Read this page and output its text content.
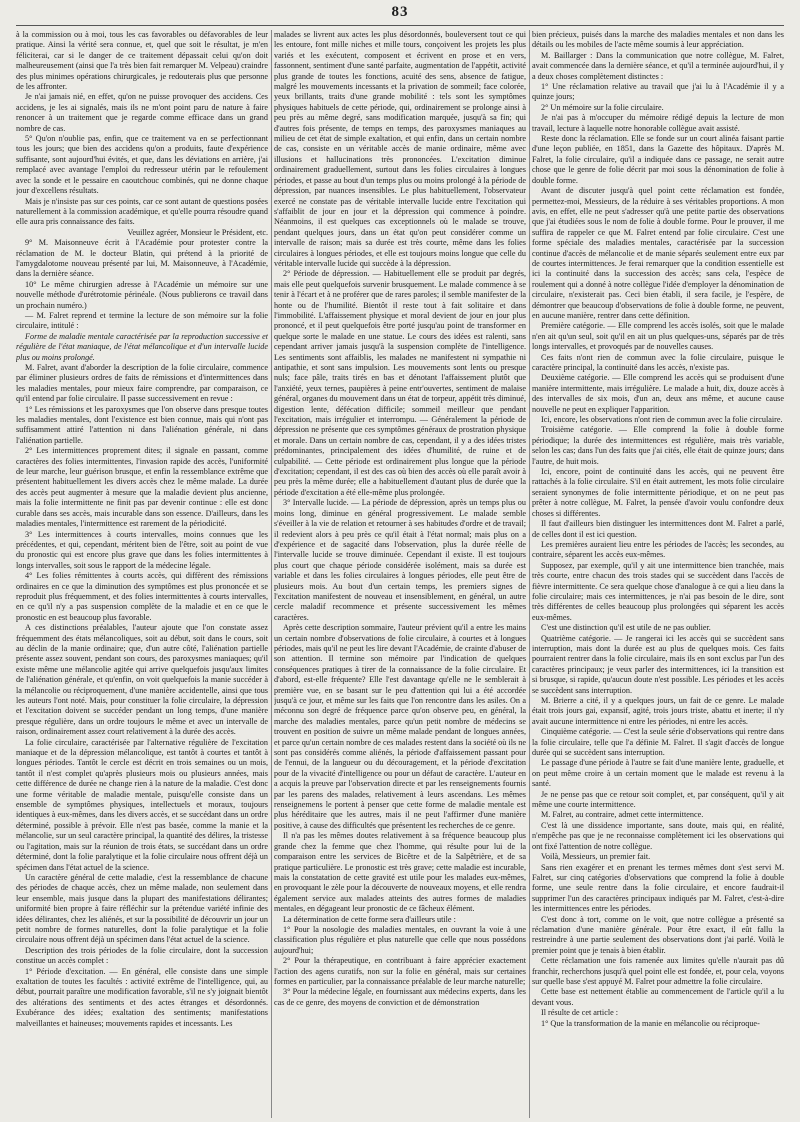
83

à la commission ou à moi, tous les cas favorables ou défavorables de leur pratique. Ainsi la vérité sera connue, et, quel que soit le résultat, je m'en féliciterai, car si le danger de ce traitement dépassait celui qu'on doit malheureusement (ainsi que l'a très bien fait remarquer M. Velpeau) craindre des plus minimes opérations chirurgicales, je redouterais plus que personne de les affronter.

Je n'ai jamais nié, en effet, qu'on ne puisse provoquer des accidens. Ces accidens, je les ai signalés, mais ils ne m'ont point paru de nature à faire renoncer à un traitement que je regarde comme efficace dans un grand nombre de cas.

5° Qu'on n'oublie pas, enfin, que ce traitement va en se perfectionnant tous les jours; que bien des accidens qu'on a produits, faute d'expérience suffisante, sont aujourd'hui évités, et que, dans les déviations en arrière, j'ai remplacé avec avantage l'emploi du redresseur utérin par le refoulement avec la sonde et le pessaire en caoutchouc combinés, qui ne donne chaque jour d'excellens résultats.

Mais je n'insiste pas sur ces points, car ce sont autant de questions posées naturellement à la commission académique, et qu'elle pourra résoudre quand elle aura pris connaissance des faits.

Veuillez agréer, Monsieur le Président, etc.

9° M. Maisonneuve écrit à l'Académie pour protester contre la réclamation de M. le docteur Blatin, qui prétend à la priorité de l'amygdalotome nouveau présenté par lui, M. Maisonneuve, à l'Académie, dans la dernière séance.

10° Le même chirurgien adresse à l'Académie un mémoire sur une nouvelle méthode d'urétrotomie périnéale. (Nous publierons ce travail dans un prochain numéro.)

— M. Falret reprend et termine la lecture de son mémoire sur la folie circulaire, intitulé :

Forme de maladie mentale caractérisée par la reproduction successive et régulière de l'état maniaque, de l'état mélancolique et d'un intervalle lucide plus ou moins prolongé.

M. Falret, avant d'aborder la description de la folie circulaire, commence par éliminer plusieurs ordres de faits de rémissions et d'intermittences dans les maladies mentales, pour mieux faire comprendre, par comparaison, ce qu'il entend par folie circulaire. Il passe successivement en revue :

1° Les rémissions et les paroxysmes que l'on observe dans presque toutes les maladies mentales, dont l'existence est bien connue, mais qui n'ont pas suffisamment attiré l'attention ni dans l'aliénation générale, ni dans l'aliénation partielle.

2° Les intermittences proprement dites; il signale en passant, comme caractères des folies intermittentes, l'invasion rapide des accès, l'uniformité de leur marche, leur guérison brusque, et enfin la ressemblance extrême que présentent habituellement les divers accès chez le même malade. La durée des accès peut augmenter à mesure que la maladie devient plus ancienne, mais la folie intermittente ne finit pas par devenir continue : elle est donc curable dans ses accès, mais incurable dans son essence. D'ailleurs, dans les maladies mentales, l'intermittence est rarement de la périodicité.

3° Les intermittences à courts intervalles, moins connues que les précédentes, et qui, cependant, méritent bien de l'être, soit au point de vue du pronostic qui est encore plus grave que dans les folies intermittentes à longs intervalles, soit sous le rapport de la médecine légale.

4° Les folies rémittentes à courts accès, qui diffèrent des rémissions ordinaires en ce que la diminution des symptômes est plus prononcée et se reproduit plus fréquemment, et des folies intermittentes à courts intervalles, en ce qu'il n'y a pas suspension complète de la maladie et en ce que le pronostic en est beaucoup plus favorable.

A ces distinctions préalables, l'auteur ajoute que l'on constate assez fréquemment des états mélancoliques, soit au début, soit dans le cours, soit au déclin de la manie ordinaire; que, d'un autre côté, l'aliénation partielle présente assez souvent, pendant son cours, des paroxysmes maniaques; qu'il existe même une mélancolie agitée qui arrive quelquefois jusqu'aux limites de l'aliénation générale, et qu'enfin, on voit quelquefois la manie succéder à la mélancolie ou réciproquement, d'une manière accidentelle, ainsi que tous les auteurs l'ont noté. Mais, pour constituer la folie circulaire, la dépression et l'excitation doivent se succéder pendant un long temps, d'une manière presque régulière, dans un ordre toujours le même et avec un intervalle de raison, ordinairement assez court relativement à la durée des accès.

La folie circulaire, caractérisée par l'alternative régulière de l'excitation maniaque et de la dépression mélancolique, est tantôt à courtes et tantôt à longues périodes. Tantôt le cercle est décrit en trois semaines ou un mois, tantôt il n'est complet qu'après plusieurs mois ou plusieurs années, mais cette différence de durée ne change rien à la nature de la maladie. C'est donc une forme véritable de maladie mentale, puisqu'elle consiste dans un ensemble de symptômes physiques, intellectuels et moraux, toujours identiques à eux-mêmes, dans les divers accès, et se succédant dans un ordre déterminé, possible à prévoir. Elle n'est pas basée, comme la manie et la mélancolie, sur un seul caractère principal, la quantité des délires, la tristesse ou l'agitation, mais sur la réunion de trois états, se succédant dans un ordre déterminé, dont la folie paralytique et la folie circulaire nous offrent déjà un spécimen dans l'état actuel de la science.

Un caractère général de cette maladie, c'est la ressemblance de chacune des périodes de chaque accès, chez un même malade, non seulement dans leur ensemble, mais jusque dans la plupart des manifestations délirantes; uniformité bien propre à faire réfléchir sur la prétendue variété infinie des idées délirantes, chez les aliénés, et sur la possibilité de découvrir un jour un petit nombre de formes naturelles, dont la folie paralytique et la folie circulaire nous offrent déjà un spécimen dans l'état actuel de la science.

Description des trois périodes de la folie circulaire, dont la succession constitue un accès complet :

1° Période d'excitation. — En général, elle consiste dans une simple exaltation de toutes les facultés : activité extrême de l'intelligence, qui, au début, pourrait paraître une modification favorable, s'il ne s'y joignait bientôt des altérations des sentiments et des actes étranges et désordonnés. Exubérance des idées; exaltation des sentiments; manifestations malveillantes et haineuses; mouvements rapides et incessants. Les

malades se livrent aux actes les plus désordonnés, bouleversent tout ce qui les entoure, font mille niches et mille tours, conçoivent les projets les plus variés et les exécutent, composent et écrivent en prose et en vers, fassonnent, sentiment d'une santé parfaite, augmentation de l'appétit, activité plus grande de toutes les fonctions, acuité des sens, absence de fatigue, malgré les mouvements incessants et la privation de sommeil; face colorée, yeux brillants, traits d'une grande mobilité : tels sont les symptômes physiques habituels de cette période, qui, ordinairement se prolonge ainsi à peu près au même degré, sans modification marquée, jusqu'à sa fin; qui d'autres fois présente, de temps en temps, des paroxysmes maniaques au milieu de cet état de simple exaltation, et qui enfin, dans un certain nombre de cas, consiste en un véritable accès de manie ordinaire, même avec illusions et hallucinations très prononcées. L'excitation diminue ordinairement graduellement, surtout dans les folies circulaires à longues périodes, et passe au bout d'un temps plus ou moins prolongé à la période de dépression, par nuances insensibles. Le plus habituellement, l'observateur exercé ne constate pas de véritable intervalle lucide entre l'excitation qui s'affaiblit de jour en jour et la dépression qui commence à poindre. Néanmoins, il est quelques cas exceptionnels où le malade se trouve, pendant quelques jours, dans un état qu'on peut considérer comme un intervalle de raison; mais sa durée est très courte, même dans les folies circulaires à longues périodes, et elle est toujours moins longue que celle du véritable intervalle lucide qui succède à la dépression.

2° Période de dépression. — Habituellement elle se produit par degrés, mais elle peut quelquefois survenir brusquement. Le malade commence à se tenir à l'écart et à ne proférer que de rares paroles; il semble manifester de la honte ou de l'humilité. Bientôt il reste tout à fait solitaire et dans l'immobilité. L'affaissement physique et moral devient de jour en jour plus prononcé, et il peut quelquefois être porté jusqu'au point de transformer en quelque sorte le malade en une statue. Le cours des idées est ralenti, sans cependant arriver jamais jusqu'à la suspension complète de l'intelligence. Les sentiments sont affaiblis, les malades ne manifestent ni sympathie ni antipathie, et sont sans impulsion. Les mouvements sont lents ou presque nuls; face pâle, traits tirés en bas et dénotant l'affaissement plutôt que l'anxiété, yeux ternes, paupières à peine entr'ouvertes, sentiment de malaise général, organes du mouvement dans un état de torpeur, appétit très diminué, digestion lente, défécation difficile; sommeil meilleur que pendant l'excitation, mais irrégulier et interrompu. — Généralement la période de dépression ne présente que ces symptômes généraux de prostration physique et morale. Dans un certain nombre de cas, cependant, il y a des idées tristes prédominantes, principalement des idées d'humilité, de ruine et de culpabilité. — Cette période est ordinairement plus longue que la période d'excitation; cependant, il est des cas où bien des accès où elle paraît avoir à peu près la même durée; elle a habituellement d'autant plus de durée que la période d'excitation a été elle-même plus prolongée.

3° Intervalle lucide. — La période de dépression, après un temps plus ou moins long, diminue en général progressivement. Le malade semble s'éveiller à la vie de relation et retourner à ses habitudes d'ordre et de travail; il redevient alors à peu près ce qu'il était à l'état normal; mais plus on a d'expérience et de sagacité dans l'observation, plus la durée réelle de l'intervalle lucide se trouve diminuée. Cependant il existe. Il est toujours plus court que chaque période considérée isolément, mais sa durée est variable et dans les folies circulaires à longues périodes, elle peut être de plusieurs mois. Au bout d'un certain temps, les premiers signes de l'excitation manifestent de nouveau et insensiblement, en général, un autre cercle maladif recommence et présente successivement les mêmes caractères.

Après cette description sommaire, l'auteur prévient qu'il a entre les mains un certain nombre d'observations de folie circulaire, à courtes et à longues périodes, mais qu'il ne peut les lire devant l'Académie, de crainte d'abuser de son attention. Il termine son mémoire par l'indication de quelques conséquences pratiques à tirer de la connaissance de la folie circulaire. Et d'abord, est-elle fréquente? Elle l'est davantage qu'elle ne le semblerait à première vue, en se basant sur le peu d'attention qui lui a été accordée jusqu'à ce jour, et même sur les faits que l'on rencontre dans les asiles. On a méconnu son degré de fréquence parce qu'on observe peu, en général, la marche des maladies mentales, parce qu'un petit nombre de médecins se trouvent en position de suivre un même malade pendant de longues années, et parce qu'un certain nombre de ces malades restent dans la société où ils ne sont pas considérés comme aliénés, la période d'affaissement passant pour de l'ennui, de la langueur ou du découragement, et la période d'excitation pour de la vivacité d'intelligence ou pour un défaut de caractère. L'auteur en a acquis la preuve par l'observation directe et par les renseignements fournis par les parens des malades, relativement à leurs ascendans. Les mêmes renseignemens le portent à penser que cette forme de maladie mentale est plus héréditaire que les autres, mais il ne peut l'affirmer d'une manière positive, à cause des difficultés que présentent les recherches de ce genre.

Il n'a pas les mêmes doutes relativement à sa fréquence beaucoup plus grande chez la femme que chez l'homme, qui résulte pour lui de la comparaison entre les services de Bicêtre et de la Salpêtrière, et de sa pratique particulière. Le pronostic est très grave; cette maladie est incurable, mais la constatation de cette gravité est utile pour les malades eux-mêmes, en provoquant le zèle pour la découverte de nouveaux moyens, et elle rendra également service aux malades atteints des autres formes de maladies mentales, en dégageant leur pronostic de ce fâcheux élément.

La détermination de cette forme sera d'ailleurs utile :

1° Pour la nosologie des maladies mentales, en ouvrant la voie à une classification plus régulière et plus naturelle que celle que nous possédons aujourd'hui;

2° Pour la thérapeutique, en contribuant à faire apprécier exactement l'action des agens curatifs, non sur la folie en général, mais sur certaines formes en particulier, par la connaissance préalable de leur marche naturelle;

3° Pour la médecine légale, en fournissant aux médecins experts, dans les cas de ce genre, des moyens de conviction et de démonstration

bien précieux, puisés dans la marche des maladies mentales et non dans les détails ou les mobiles de l'acte même soumis à leur appréciation.

M. Baillarger : Dans la communication que notre collègue, M. Falret, avait commencée dans la dernière séance, et qu'il a terminée aujourd'hui, il y a deux choses complètement distinctes :

1° Une réclamation relative au travail que j'ai lu à l'Académie il y a quinze jours;

2° Un mémoire sur la folie circulaire.

Je n'ai pas à m'occuper du mémoire rédigé depuis la lecture de mon travail, lecture à laquelle notre honorable collègue avait assisté.

Reste donc la réclamation. Elle se fonde sur un court alinéa faisant partie d'une leçon publiée, en 1851, dans la Gazette des hôpitaux. D'après M. Falret, la folie circulaire, qu'il a indiquée dans ce passage, ne serait autre chose que le genre de folie décrit par moi sous la dénomination de folie à double forme.

Avant de discuter jusqu'à quel point cette réclamation est fondée, permettez-moi, Messieurs, de la réduire à ses véritables proportions. A mon avis, en effet, elle ne peut s'adresser qu'à une petite partie des observations que j'ai étudiées sous le nom de folie à double forme. Pour le prouver, il me suffira de rappeler ce que M. Falret entend par folie circulaire. C'est une forme spéciale des maladies mentales, caractérisée par la succession continue d'accès de mélancolie et de manie séparés seulement entre eux par de courtes intermittences. Je ferai remarquer que la condition essentielle est ici la continuité dans la succession des accès; sans cela, l'espèce de roulement qui a donné à notre collègue l'idée d'employer la dénomination de circulaire, n'existerait pas. Ceci bien établi, il sera facile, je l'espère, de démontrer que beaucoup d'observations de folie à double forme, ne peuvent, en aucune manière, rentrer dans cette définition.

Première catégorie. — Elle comprend les accès isolés, soit que le malade n'en ait qu'un seul, soit qu'il en ait un plus quelques-uns, séparés par de très longs intervalles, et provoqués par de nouvelles causes.

Ces faits n'ont rien de commun avec la folie circulaire, puisque le caractère principal, la continuité dans les accès, n'existe pas.

Deuxième catégorie. — Elle comprend les accès qui se produisent d'une manière intermittente, mais irrégulière. Le malade a huit, dix, douze accès à des intervalles de six mois, d'un an, deux ans même, et aucune cause nouvelle ne peut en expliquer l'apparition.

Ici, encore, les observations n'ont rien de commun avec la folie circulaire.

Troisième catégorie. — Elle comprend la folie à double forme périodique; la durée des intermittences est régulière, mais très variable, selon les cas; dans l'un des faits que j'ai cités, elle était de quinze jours; dans l'autre, de huit mois.

Ici, encore, point de continuité dans les accès, qui ne peuvent être rattachés à la folie circulaire. S'il en était autrement, les mots folie circulaire seraient synonymes de folie intermittente périodique, et on ne peut pas prêter à notre collègue, M. Falret, la pensée d'avoir voulu confondre deux choses si différentes.

Il faut d'ailleurs bien distinguer les intermittences dont M. Falret a parlé, de celles dont il est ici question.

Les premières auraient lieu entre les périodes de l'accès; les secondes, au contraire, séparent les accès eux-mêmes.

Supposez, par exemple, qu'il y ait une intermittence bien tranchée, mais très courte, entre chacun des trois stades qui se succèdent dans l'accès de fièvre intermittente. Ce sera quelque chose d'analogue à ce qui a lieu dans la folie circulaire; mais ces intermittences, je n'ai pas besoin de le dire, sont très différentes de celles beaucoup plus prolongées qui séparent les accès eux-mêmes.

C'est une distinction qu'il est utile de ne pas oublier.

Quatrième catégorie. — Je rangerai ici les accès qui se succèdent sans interruption, mais dont la durée est au plus de quelques mois. Ces faits pourraient rentrer dans la folie circulaire, mais ils en sont exclus par l'un des caractères principaux; je veux parler des intermittences, ici la transition est si brusque, si rapide, qu'aucun doute n'est possible. Les périodes et les accès se succèdent sans interruption.

M. Brierre a cité, il y a quelques jours, un fait de ce genre. Le malade était trois jours gai, expansif, agité, trois jours triste, abattu et inerte; il n'y avait aucune intermittence ni entre les périodes, ni entre les accès.

Cinquième catégorie. — C'est la seule série d'observations qui rentre dans la folie circulaire, telle que l'a définie M. Falret. Il s'agit d'accès de longue durée qui se succèdent sans interruption.

Le passage d'une période à l'autre se fait d'une manière lente, graduelle, et on peut même croire à un certain moment que le malade est revenu à la santé.

Je ne pense pas que ce retour soit complet, et, par conséquent, qu'il y ait même une courte intermittence.

M. Falret, au contraire, admet cette intermittence.

C'est là une dissidence importante, sans doute, mais qui, en réalité, n'empêche pas que je ne reconnaisse complètement ici les observations qui ont fixé l'attention de notre collègue.

Voilà, Messieurs, un premier fait.

Sans rien exagérer et en prenant les termes mêmes dont s'est servi M. Falret, sur cinq catégories d'observations que comprend la folie à double forme, une seule rentre dans la folie circulaire, et encore faudrait-il supprimer l'un des caractères principaux indiqués par M. Falret, c'est-à-dire les intermittences entre les périodes.

C'est donc à tort, comme on le voit, que notre collègue a présenté sa réclamation d'une manière générale. Pour être exact, il eût fallu la restreindre à une partie seulement des observations dont j'ai parlé. Voilà le premier point que je tenais à bien établir.

Cette réclamation une fois ramenée aux limites qu'elle n'aurait pas dû franchir, recherchons jusqu'à quel point elle est fondée, et, pour cela, voyons sur quelle base s'est appuyé M. Falret pour admettre la folie circulaire.

Cette base est nettement établie au commencement de l'article qu'il a lu devant vous.

Il résulte de cet article :

1° Que la transformation de la manie en mélancolie ou réciproque-
